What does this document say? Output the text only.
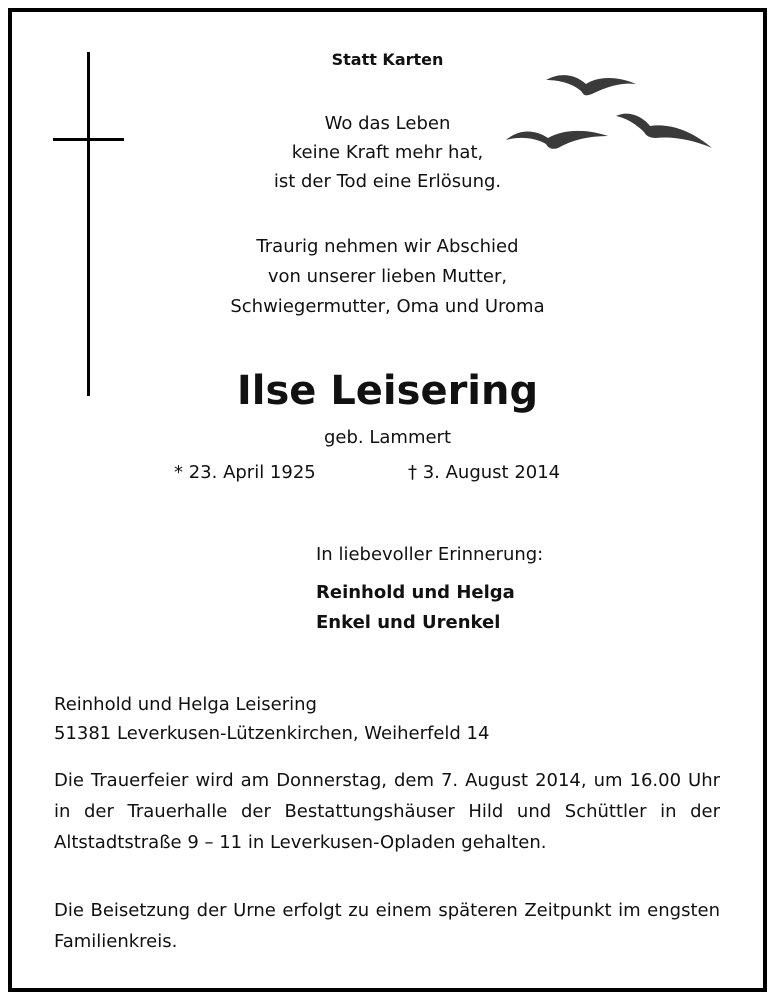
Statt Karten
Wo das Leben
keine Kraft mehr hat,
ist der Tod eine Erlösung.
Traurig nehmen wir Abschied
von unserer lieben Mutter,
Schwiegermutter, Oma und Uroma
Ilse Leisering
geb. Lammert
* 23. April 1925	† 3. August 2014
In liebevoller Erinnerung:
Reinhold und Helga
Enkel und Urenkel
Reinhold und Helga Leisering
51381 Leverkusen-Lützenkirchen, Weiherfeld 14

Die Trauerfeier wird am Donnerstag, dem 7. August 2014, um 16.00 Uhr in der Trauerhalle der Bestattungshäuser Hild und Schüttler in der Altstadtstraße 9 – 11 in Leverkusen-Opladen gehalten.

Die Beisetzung der Urne erfolgt zu einem späteren Zeitpunkt im engsten Familienkreis.
